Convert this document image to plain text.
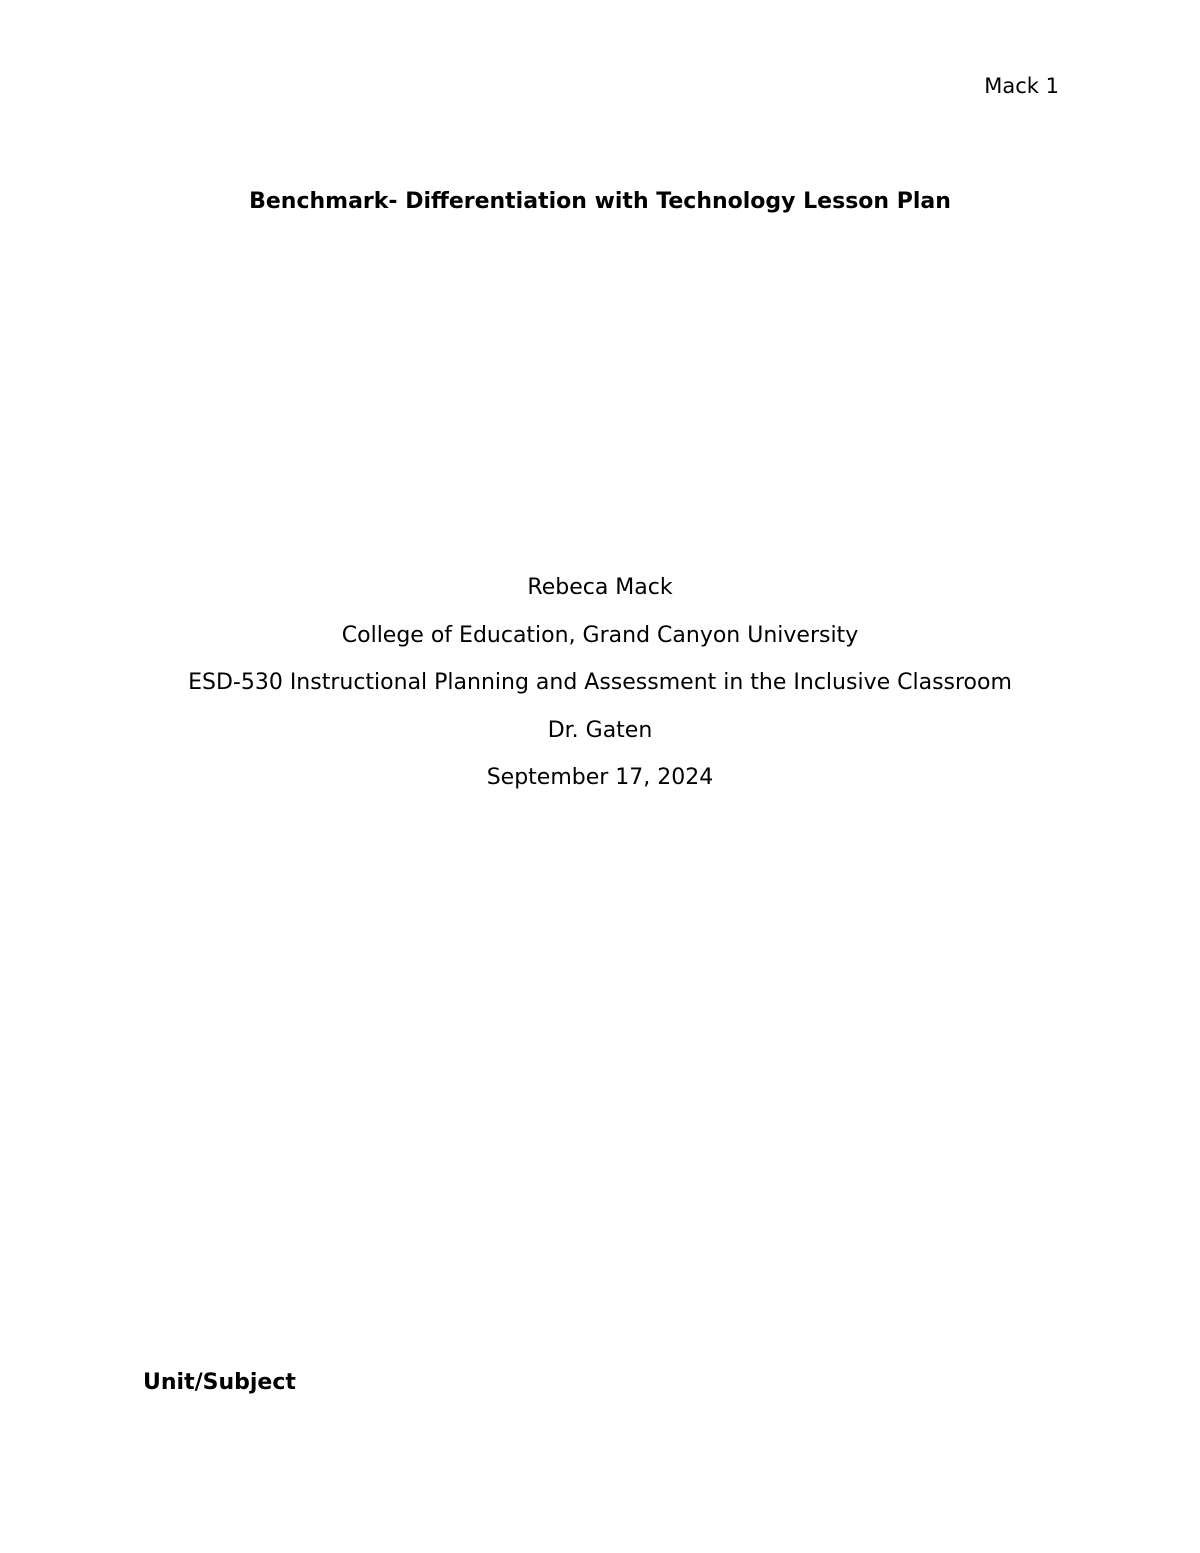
Mack 1
Benchmark- Differentiation with Technology Lesson Plan
Rebeca Mack
College of Education, Grand Canyon University
ESD-530 Instructional Planning and Assessment in the Inclusive Classroom
Dr. Gaten
September 17, 2024
Unit/Subject
